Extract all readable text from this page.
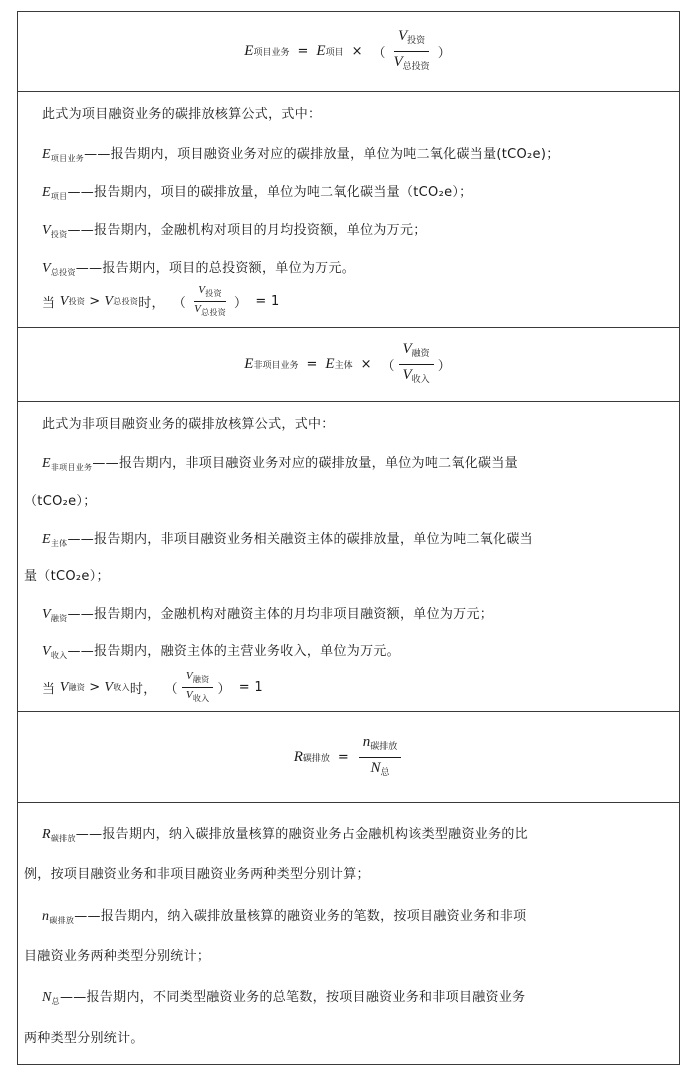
E 项目业务 = E 项目 × （ $\frac{V_{投资}}{V_{总投资}}$ ）
此式为项目融资业务的碳排放核算公式，式中：
$E_{项目业务}——$报告期内，项目融资业务对应的碳排放量，单位为吨二氧化碳当量(tCO₂e)；
$E_{项目}——$报告期内，项目的碳排放量，单位为吨二氧化碳当量（tCO₂e）；
$V_{投资}——$报告期内，金融机构对项目的月均投资额，单位为万元；
$V_{总投资}——$报告期内，项目的总投资额，单位为万元。
当
V 投资 > V 总投资 时， （ $\frac{V_{投资}}{V_{总投资}}$ ） = 1
E 非项目业务 = E 主体 × （ $\frac{V_{融资}}{V_{收入}}$ ）
此式为非项目融资业务的碳排放核算公式，式中：
$E_{非项目业务}——$报告期内，非项目融资业务对应的碳排放量，单位为吨二氧化碳当量
（tCO₂e）；
$E_{主体}——$报告期内，非项目融资业务相关融资主体的碳排放量，单位为吨二氧化碳当
量（tCO₂e）；
$V_{融资}——$报告期内，金融机构对融资主体的月均非项目融资额，单位为万元；
$V_{收入}——$报告期内，融资主体的主营业务收入，单位为万元。
当
V 融资 > V 收入 时， （ $\frac{V_{融资}}{V_{收入}}$ ） = 1
R 碳排放 = $\frac{n_{碳排放}}{N_总}$
$R_{碳排放}——$报告期内，纳入碳排放量核算的融资业务占金融机构该类型融资业务的比
例，按项目融资业务和非项目融资业务两种类型分别计算；
$n_{碳排放}——$报告期内，纳入碳排放量核算的融资业务的笔数，按项目融资业务和非项
目融资业务两种类型分别统计；
$N_总——$报告期内，不同类型融资业务的总笔数，按项目融资业务和非项目融资业务
两种类型分别统计。
